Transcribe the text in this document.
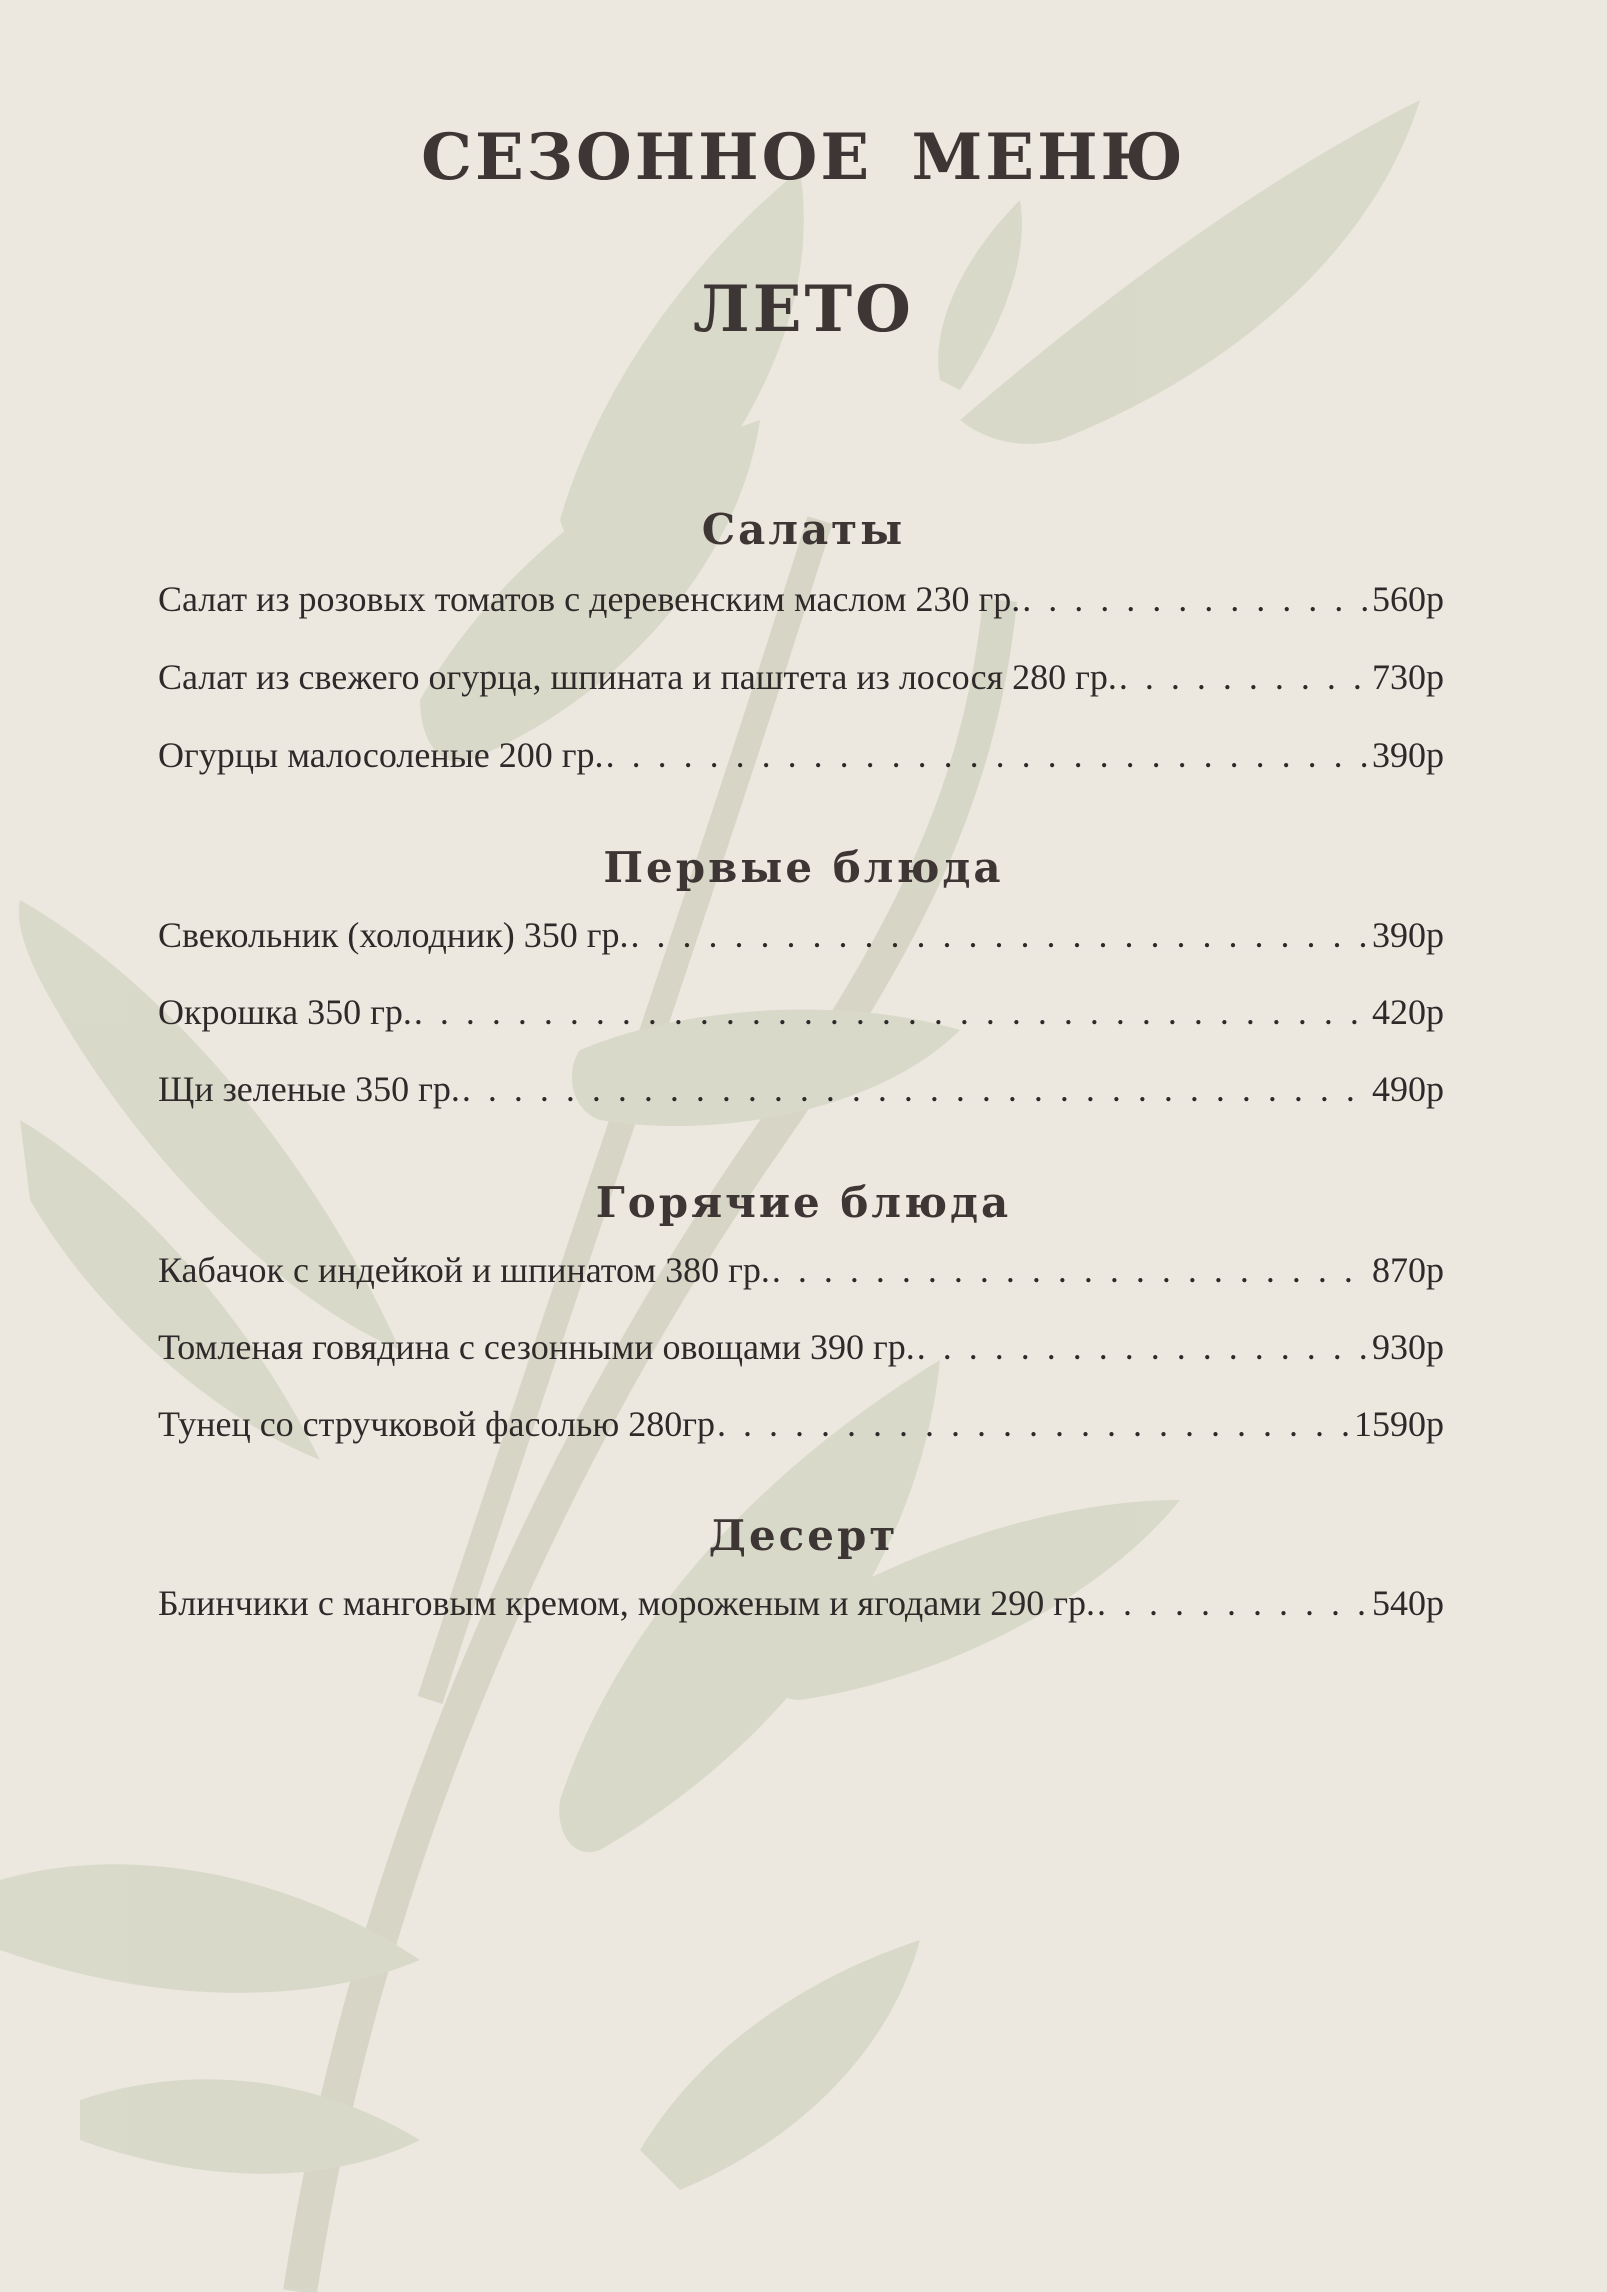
СЕЗОННОЕ МЕНЮ
ЛЕТО
Салаты
Салат из розовых томатов с деревенским маслом 230 гр. . . .	560р
Салат из свежего огурца, шпината и паштета из лосося 280 гр. . . .	730р
Огурцы малосоленые 200 гр. . . .	390р
Первые блюда
Свекольник (холодник) 350 гр. . . .	390р
Окрошка 350 гр. . . .	420р
Щи зеленые 350 гр. . . .	490р
Горячие блюда
Кабачок с индейкой и шпинатом 380 гр. . . .	870р
Томленая говядина с сезонными овощами 390 гр. . . .	930р
Тунец со стручковой фасолью 280гр . . .	1590р
Десерт
Блинчики с манговым кремом, мороженым и ягодами 290 гр. . . .	540р
